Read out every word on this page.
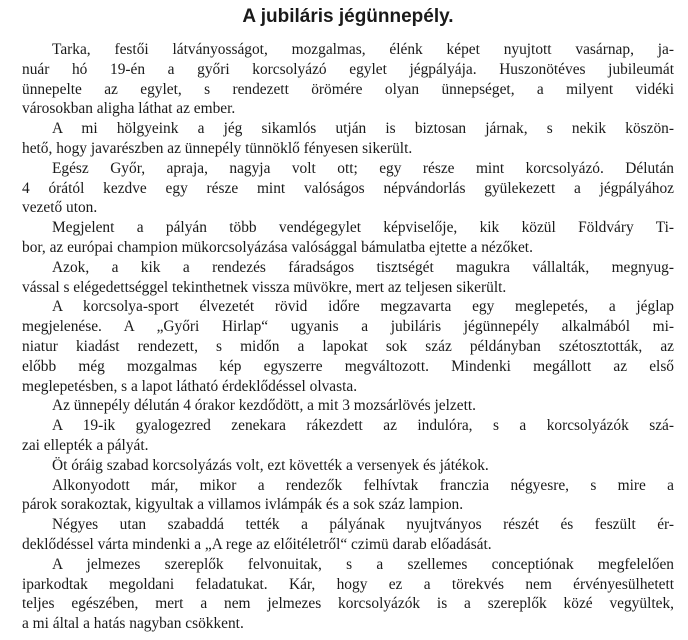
A jubiláris jégünnepély.

Tarka, festői látványosságot, mozgalmas, élénk képet nyujtott vasárnap, ja-
nuár hó 19-én a győri korcsolyázó egylet jégpályája. Huszonötéves jubileumát
ünnepelte az egylet, s rendezett örömére olyan ünnepséget, a milyent vidéki
városokban aligha láthat az ember.

A mi hölgyeink a jég sikamlós utján is biztosan járnak, s nekik köszön-
hető, hogy javarészben az ünnepély tünnöklő fényesen sikerült.

Egész Győr, apraja, nagyja volt ott; egy része mint korcsolyázó. Délután
4 órától kezdve egy része mint valóságos népvándorlás gyülekezett a jégpályához
vezető uton.

Megjelent a pályán több vendégegylet képviselője, kik közül Földváry Ti-
bor, az európai champion mükorcsolyázása valósággal bámulatba ejtette a nézőket.

Azok, a kik a rendezés fáradságos tisztségét magukra vállalták, megnyug-
vással s elégedettséggel tekinthetnek vissza müvökre, mert az teljesen sikerült.

A korcsolya-sport élvezetét rövid időre megzavarta egy meglepetés, a jéglap
megjelenése. A „Győri Hirlap“ ugyanis a jubiláris jégünnepély alkalmából mi-
niatur kiadást rendezett, s midőn a lapokat sok száz példányban szétosztották, az
előbb még mozgalmas kép egyszerre megváltozott. Mindenki megállott az első
meglepetésben, s a lapot látható érdeklődéssel olvasta.

Az ünnepély délután 4 órakor kezdődött, a mit 3 mozsárlövés jelzett.

A 19-ik gyalogezred zenekara rákezdett az indulóra, s a korcsolyázók szá-
zai ellepték a pályát.

Öt óráig szabad korcsolyázás volt, ezt követték a versenyek és játékok.

Alkonyodott már, mikor a rendezők felhívtak franczia négyesre, s mire a
párok sorakoztak, kigyultak a villamos ivlámpák és a sok száz lampion.

Négyes utan szabaddá tették a pályának nyujtványos részét és feszült ér-
deklődéssel várta mindenki a „A rege az előitéletről“ czimü darab előadását.

A jelmezes szereplők felvonuitak, s a szellemes conceptiónak megfelelően
iparkodtak megoldani feladatukat. Kár, hogy ez a törekvés nem érvényesülhetett
teljes egészében, mert a nem jelmezes korcsolyázók is a szereplők közé vegyültek,
a mi által a hatás nagyban csökkent.
